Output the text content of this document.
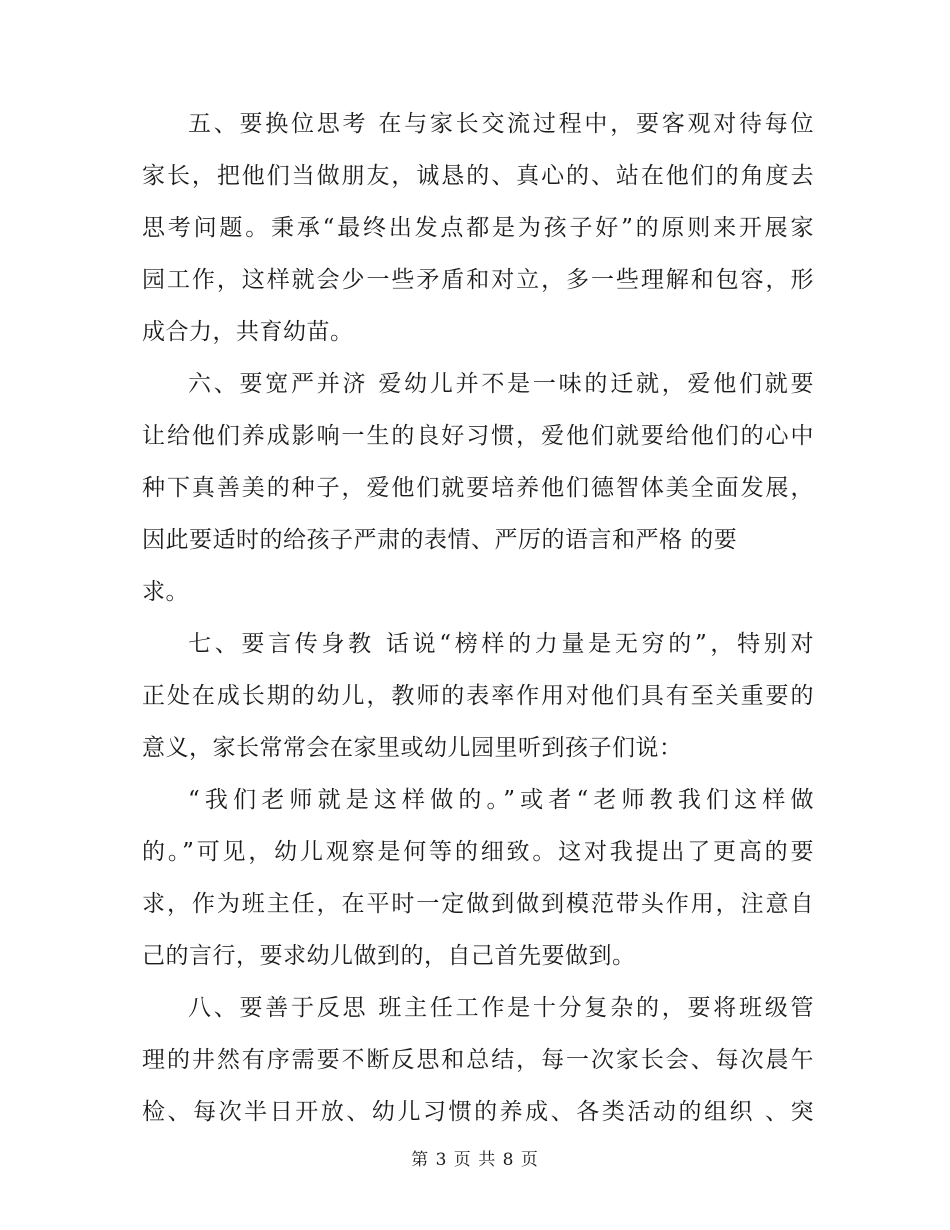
五、要换位思考 在与家长交流过程中，要客观对待每位
家长，把他们当做朋友，诚恳的、真心的、站在他们的角度去
思考问题。秉承“最终出发点都是为孩子好”的原则来开展家
园工作，这样就会少一些矛盾和对立，多一些理解和包容，形
成合力，共育幼苗。
六、要宽严并济 爱幼儿并不是一味的迁就，爱他们就要
让给他们养成影响一生的良好习惯，爱他们就要给他们的心中
种下真善美的种子，爱他们就要培养他们德智体美全面发展，
因此要适时的给孩子严肃的表情、严厉的语言和严格 的要
求。
七、要言传身教 话说“榜样的力量是无穷的”，特别对
正处在成长期的幼儿，教师的表率作用对他们具有至关重要的
意义，家长常常会在家里或幼儿园里听到孩子们说：
“我们老师就是这样做的。”或者“老师教我们这样做
的。”可见，幼儿观察是何等的细致。这对我提出了更高的要
求，作为班主任，在平时一定做到做到模范带头作用，注意自
己的言行，要求幼儿做到的，自己首先要做到。
八、要善于反思 班主任工作是十分复杂的，要将班级管
理的井然有序需要不断反思和总结，每一次家长会、每次晨午
检、每次半日开放、幼儿习惯的养成、各类活动的组织 、突
第 3 页 共 8 页
